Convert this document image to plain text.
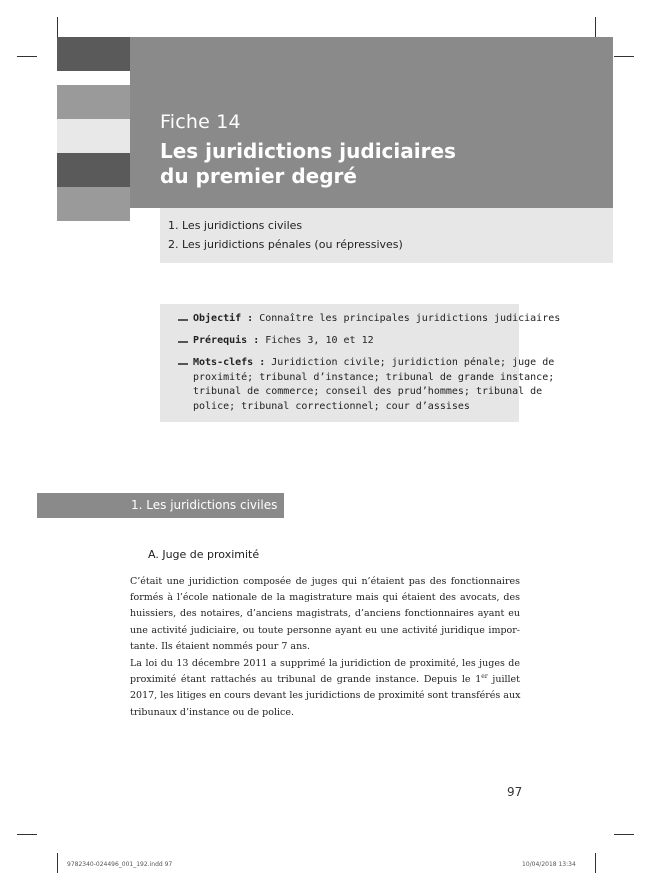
Fiche 14
Les juridictions judiciaires
du premier degré
1. Les juridictions civiles
2. Les juridictions pénales (ou répressives)
Objectif : Connaître les principales juridictions judiciaires
Prérequis : Fiches 3, 10 et 12
Mots-clefs : Juridiction civile; juridiction pénale; juge de
proximité; tribunal d’instance; tribunal de grande instance;
tribunal de commerce; conseil des prud’hommes; tribunal de
police; tribunal correctionnel; cour d’assises
1. Les juridictions civiles
A. Juge de proximité
C’était une juridiction composée de juges qui n’étaient pas des fonctionnaires
formés à l’école nationale de la magistrature mais qui étaient des avocats, des
huissiers, des notaires, d’anciens magistrats, d’anciens fonctionnaires ayant eu
une activité judiciaire, ou toute personne ayant eu une activité juridique impor-
tante. Ils étaient nommés pour 7 ans.
La loi du 13 décembre 2011 a supprimé la juridiction de proximité, les juges de
proximité étant rattachés au tribunal de grande instance. Depuis le 1er juillet
2017, les litiges en cours devant les juridictions de proximité sont transférés aux
tribunaux d’instance ou de police.
97
9782340-024496_001_192.indd 97	10/04/2018 13:34
